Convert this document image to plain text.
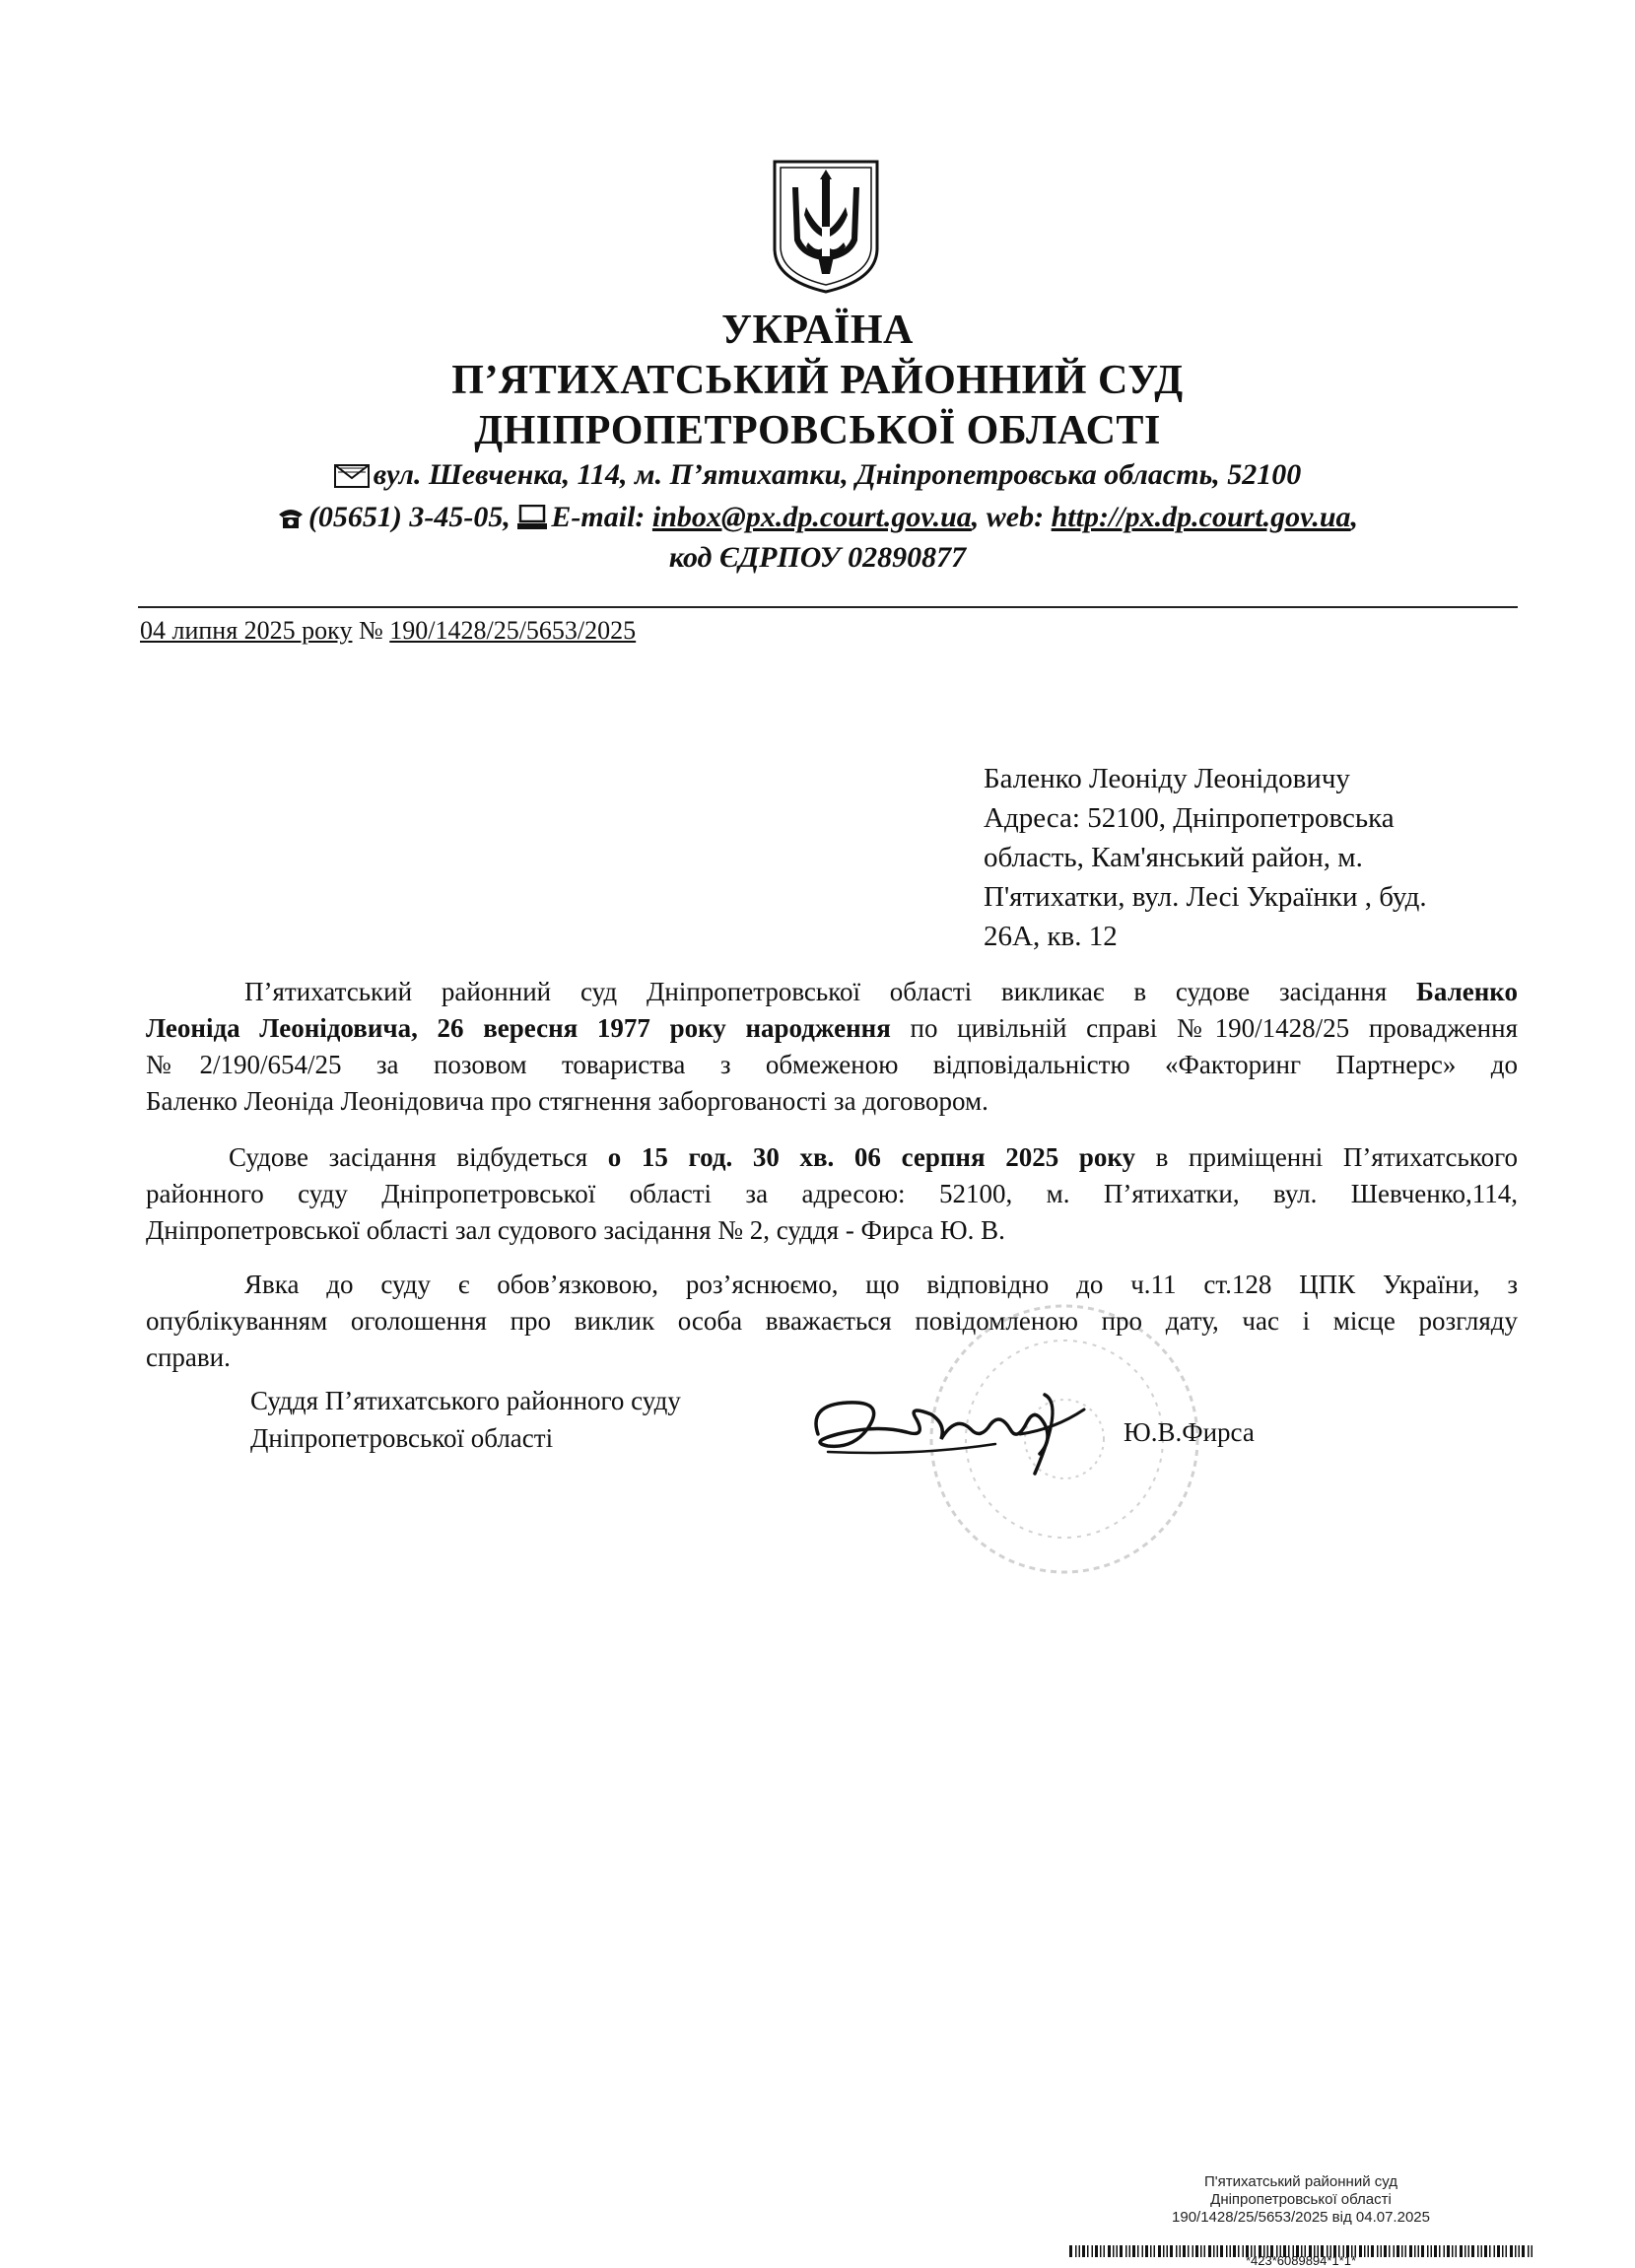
УКРАЇНА
П’ЯТИХАТСЬКИЙ РАЙОННИЙ СУД
ДНІПРОПЕТРОВСЬКОЇ ОБЛАСТІ
вул. Шевченка, 114, м. П’ятихатки, Дніпропетровська область, 52100
(05651) 3-45-05, E-mail: inbox@px.dp.court.gov.ua, web: http://px.dp.court.gov.ua,
код ЄДРПОУ 02890877
04 липня 2025 року № 190/1428/25/5653/2025
Баленко Леоніду Леонідовичу
Адреса: 52100, Дніпропетровська
область, Кам'янський район, м.
П'ятихатки, вул. Лесі Українки , буд.
26А, кв. 12
П’ятихатський районний суд Дніпропетровської області викликає в судове засідання Баленко
Леоніда Леонідовича, 26 вересня 1977 року народження по цивільній справі №190/1428/25 провадження
№2/190/654/25 за позовом товариства з обмеженою відповідальністю «Факторинг Партнерс» до
Баленко Леоніда Леонідовича про стягнення заборгованості за договором.
Судове засідання відбудеться о 15 год. 30 хв. 06 серпня 2025 року в приміщенні П’ятихатського
районного суду Дніпропетровської області за адресою: 52100, м. П’ятихатки, вул. Шевченко,114,
Дніпропетровської області зал судового засідання № 2, суддя - Фирса Ю. В.
Явка до суду є обов’язковою, роз’яснюємо, що відповідно до ч.11 ст.128 ЦПК України, з
опублікуванням оголошення про виклик особа вважається повідомленою про дату, час і місце розгляду
справи.
Суддя П’ятихатського районного суду
Дніпропетровської області	Ю.В.Фирса
П'ятихатський районний суд
Дніпропетровської області
190/1428/25/5653/2025 від 04.07.2025
*423*6089894*1*1*
